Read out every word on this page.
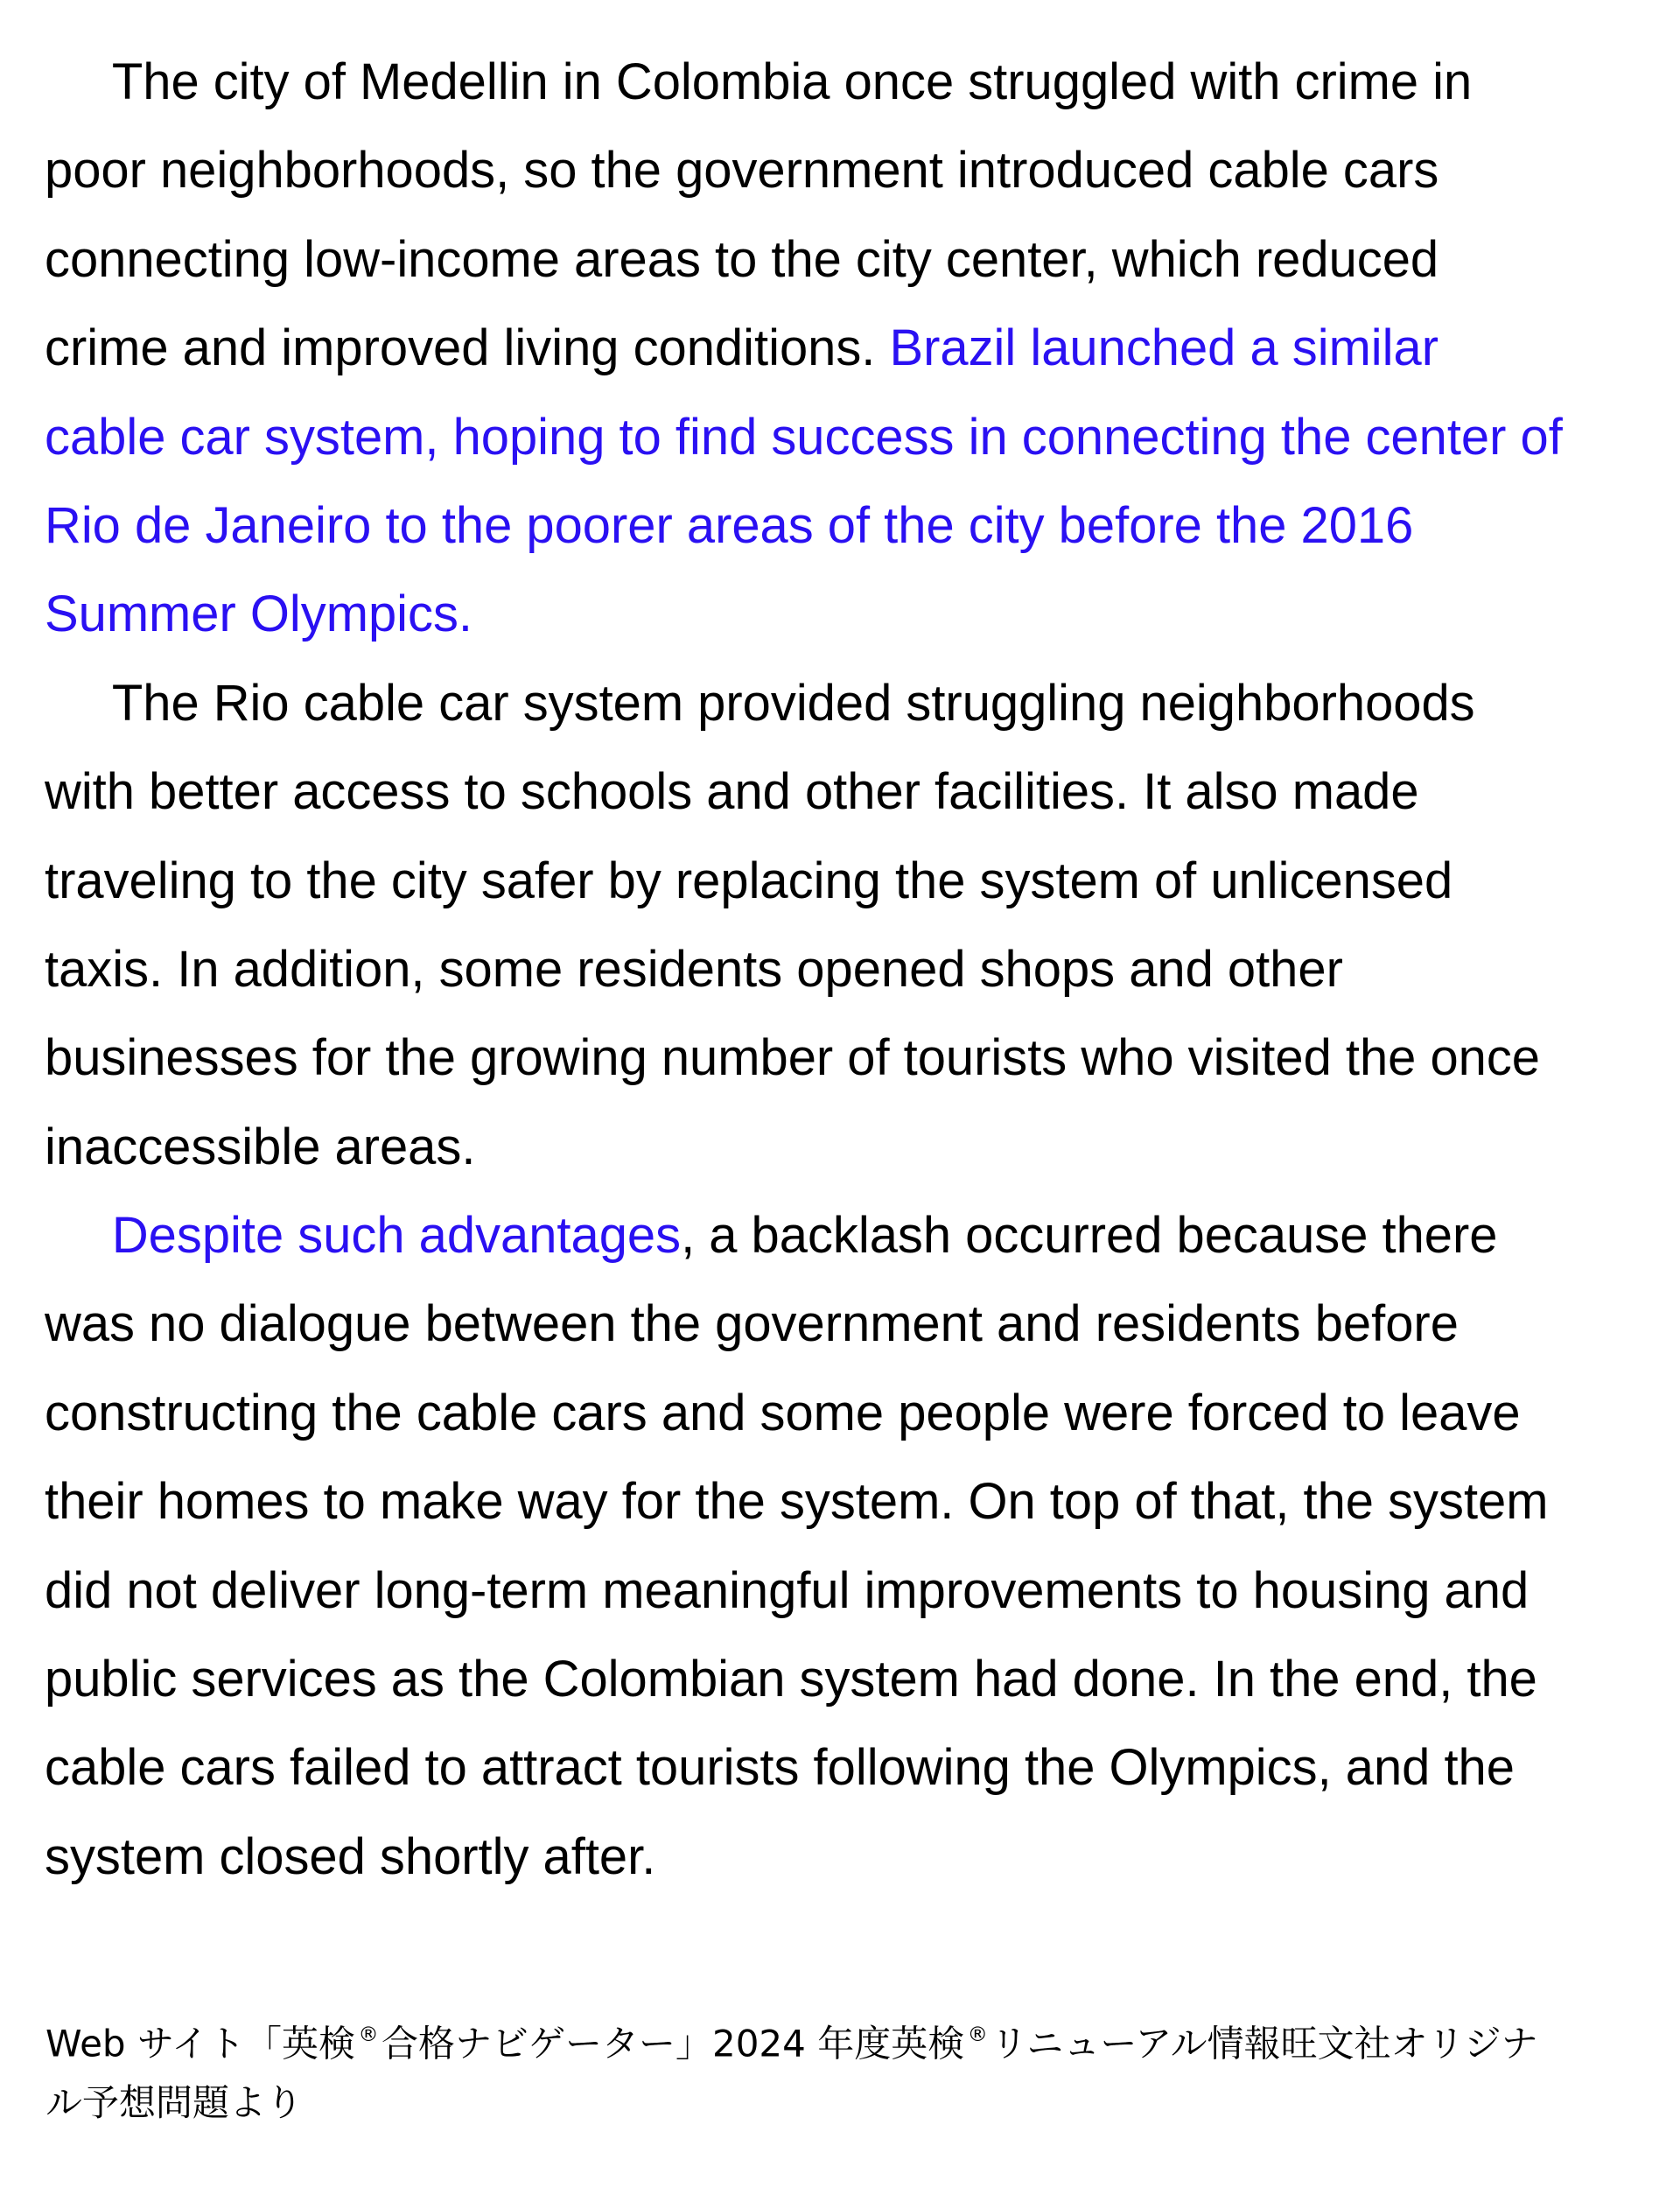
The city of Medellin in Colombia once struggled with crime in
poor neighborhoods, so the government introduced cable cars
connecting low-income areas to the city center, which reduced
crime and improved living conditions. Brazil launched a similar
cable car system, hoping to find success in connecting the center of
Rio de Janeiro to the poorer areas of the city before the 2016
Summer Olympics.
The Rio cable car system provided struggling neighborhoods
with better access to schools and other facilities. It also made
traveling to the city safer by replacing the system of unlicensed
taxis. In addition, some residents opened shops and other
businesses for the growing number of tourists who visited the once
inaccessible areas.
Despite such advantages, a backlash occurred because there
was no dialogue between the government and residents before
constructing the cable cars and some people were forced to leave
their homes to make way for the system. On top of that, the system
did not deliver long-term meaningful improvements to housing and
public services as the Colombian system had done. In the end, the
cable cars failed to attract tourists following the Olympics, and the
system closed shortly after.
Web サイト「英検 ®合格ナビゲーター」2024 年度英検 ®リニューアル情報旺文社オリジナ
ル予想問題より
